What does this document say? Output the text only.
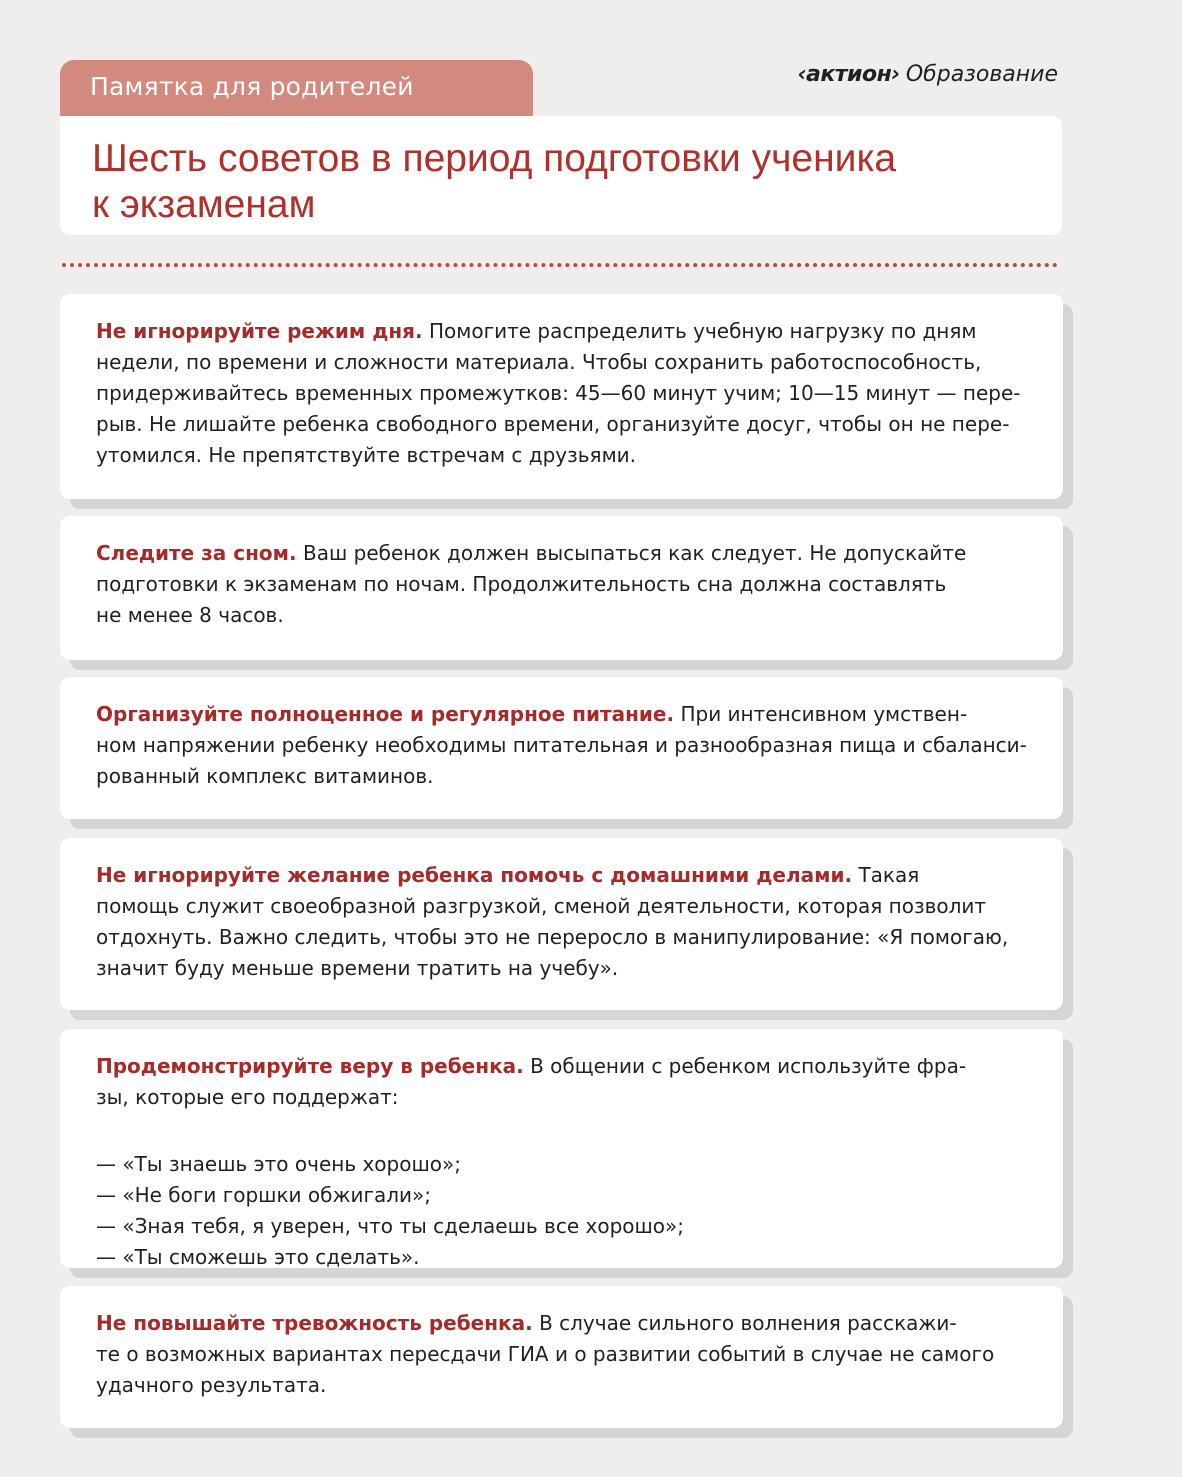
Памятка для родителей	‹актион› Образование
Шесть советов в период подготовки ученика
к экзаменам

Не игнорируйте режим дня. Помогите распределить учебную нагрузку по дням
недели, по времени и сложности материала. Чтобы сохранить работоспособность,
придерживайтесь временных промежутков: 45—60 минут учим; 10—15 минут — пере-
рыв. Не лишайте ребенка свободного времени, организуйте досуг, чтобы он не пере-
утомился. Не препятствуйте встречам с друзьями.

Следите за сном. Ваш ребенок должен высыпаться как следует. Не допускайте
подготовки к экзаменам по ночам. Продолжительность сна должна составлять
не менее 8 часов.

Организуйте полноценное и регулярное питание. При интенсивном умствен-
ном напряжении ребенку необходимы питательная и разнообразная пища и сбаланси-
рованный комплекс витаминов.

Не игнорируйте желание ребенка помочь с домашними делами. Такая
помощь служит своеобразной разгрузкой, сменой деятельности, которая позволит
отдохнуть. Важно следить, чтобы это не переросло в манипулирование: «Я помогаю,
значит буду меньше времени тратить на учебу».

Продемонстрируйте веру в ребенка. В общении с ребенком используйте фра-
зы, которые его поддержат:

— «Ты знаешь это очень хорошо»;
— «Не боги горшки обжигали»;
— «Зная тебя, я уверен, что ты сделаешь все хорошо»;
— «Ты сможешь это сделать».

Не повышайте тревожность ребенка. В случае сильного волнения расскажи-
те о возможных вариантах пересдачи ГИА и о развитии событий в случае не самого
удачного результата.
